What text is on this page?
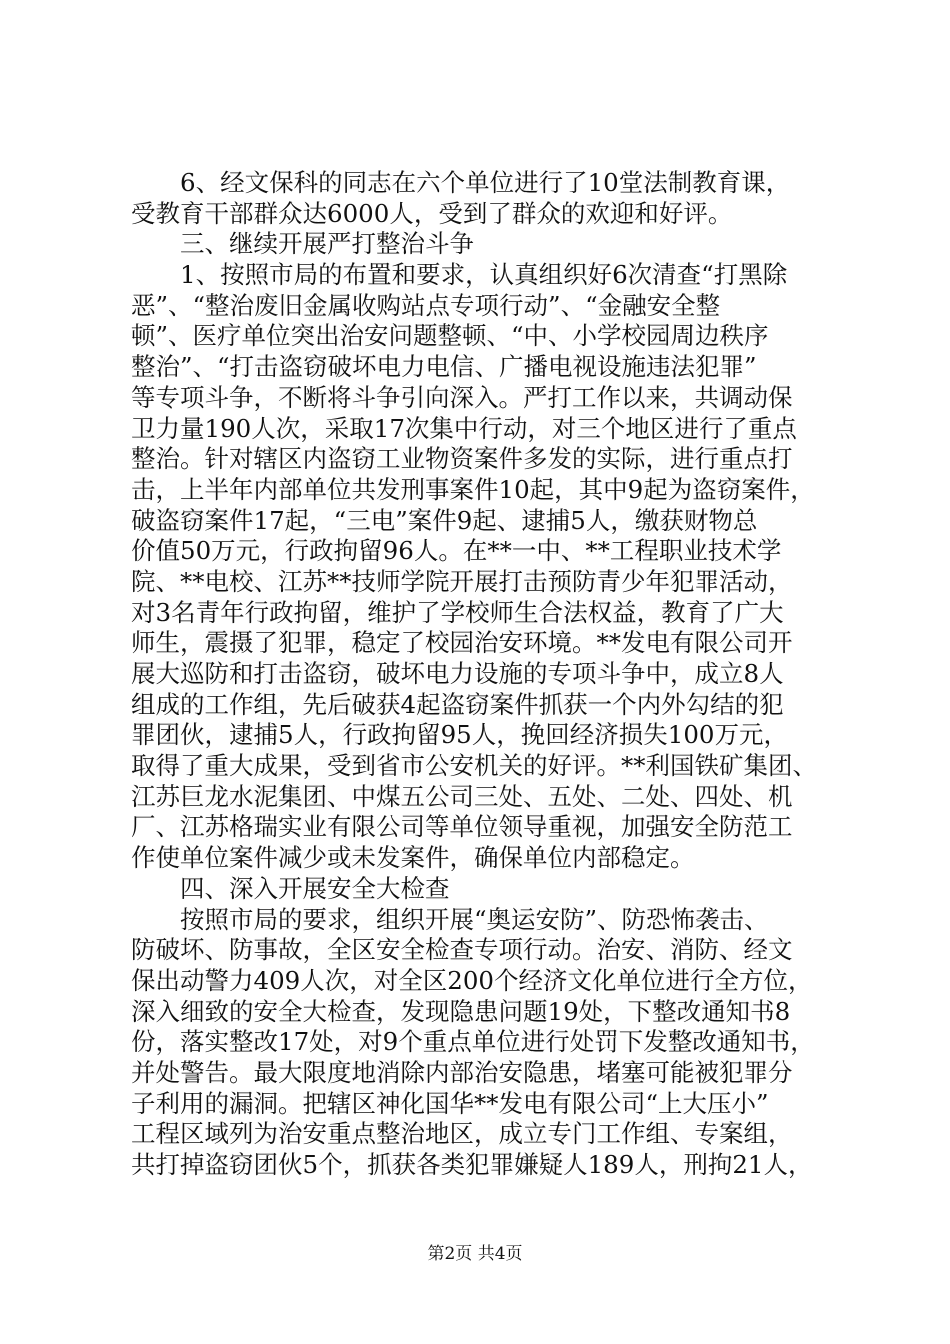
　　6、经文保科的同志在六个单位进行了10堂法制教育课，
受教育干部群众达6000人，受到了群众的欢迎和好评。
　　三、继续开展严打整治斗争
　　1、按照市局的布置和要求，认真组织好6次清查“打黑除
恶”、“整治废旧金属收购站点专项行动”、“金融安全整
顿”、医疗单位突出治安问题整顿、“中、小学校园周边秩序
整治”、“打击盗窃破坏电力电信、广播电视设施违法犯罪”
等专项斗争，不断将斗争引向深入。严打工作以来，共调动保
卫力量190人次，采取17次集中行动，对三个地区进行了重点
整治。针对辖区内盗窃工业物资案件多发的实际，进行重点打
击，上半年内部单位共发刑事案件10起，其中9起为盗窃案件，
破盗窃案件17起，“三电”案件9起、逮捕5人，缴获财物总
价值50万元，行政拘留96人。在**一中、**工程职业技术学
院、**电校、江苏**技师学院开展打击预防青少年犯罪活动，
对3名青年行政拘留，维护了学校师生合法权益，教育了广大
师生，震摄了犯罪，稳定了校园治安环境。**发电有限公司开
展大巡防和打击盗窃，破坏电力设施的专项斗争中，成立8人
组成的工作组，先后破获4起盗窃案件抓获一个内外勾结的犯
罪团伙，逮捕5人，行政拘留95人，挽回经济损失100万元，
取得了重大成果，受到省市公安机关的好评。**利国铁矿集团、
江苏巨龙水泥集团、中煤五公司三处、五处、二处、四处、机
厂、江苏格瑞实业有限公司等单位领导重视，加强安全防范工
作使单位案件减少或未发案件，确保单位内部稳定。
　　四、深入开展安全大检查
　　按照市局的要求，组织开展“奥运安防”、防恐怖袭击、
防破坏、防事故，全区安全检查专项行动。治安、消防、经文
保出动警力409人次，对全区200个经济文化单位进行全方位，
深入细致的安全大检查，发现隐患问题19处，下整改通知书8
份，落实整改17处，对9个重点单位进行处罚下发整改通知书，
并处警告。最大限度地消除内部治安隐患，堵塞可能被犯罪分
子利用的漏洞。把辖区神化国华**发电有限公司“上大压小”
工程区域列为治安重点整治地区，成立专门工作组、专案组，
共打掉盗窃团伙5个，抓获各类犯罪嫌疑人189人，刑拘21人，
第2页 共4页
